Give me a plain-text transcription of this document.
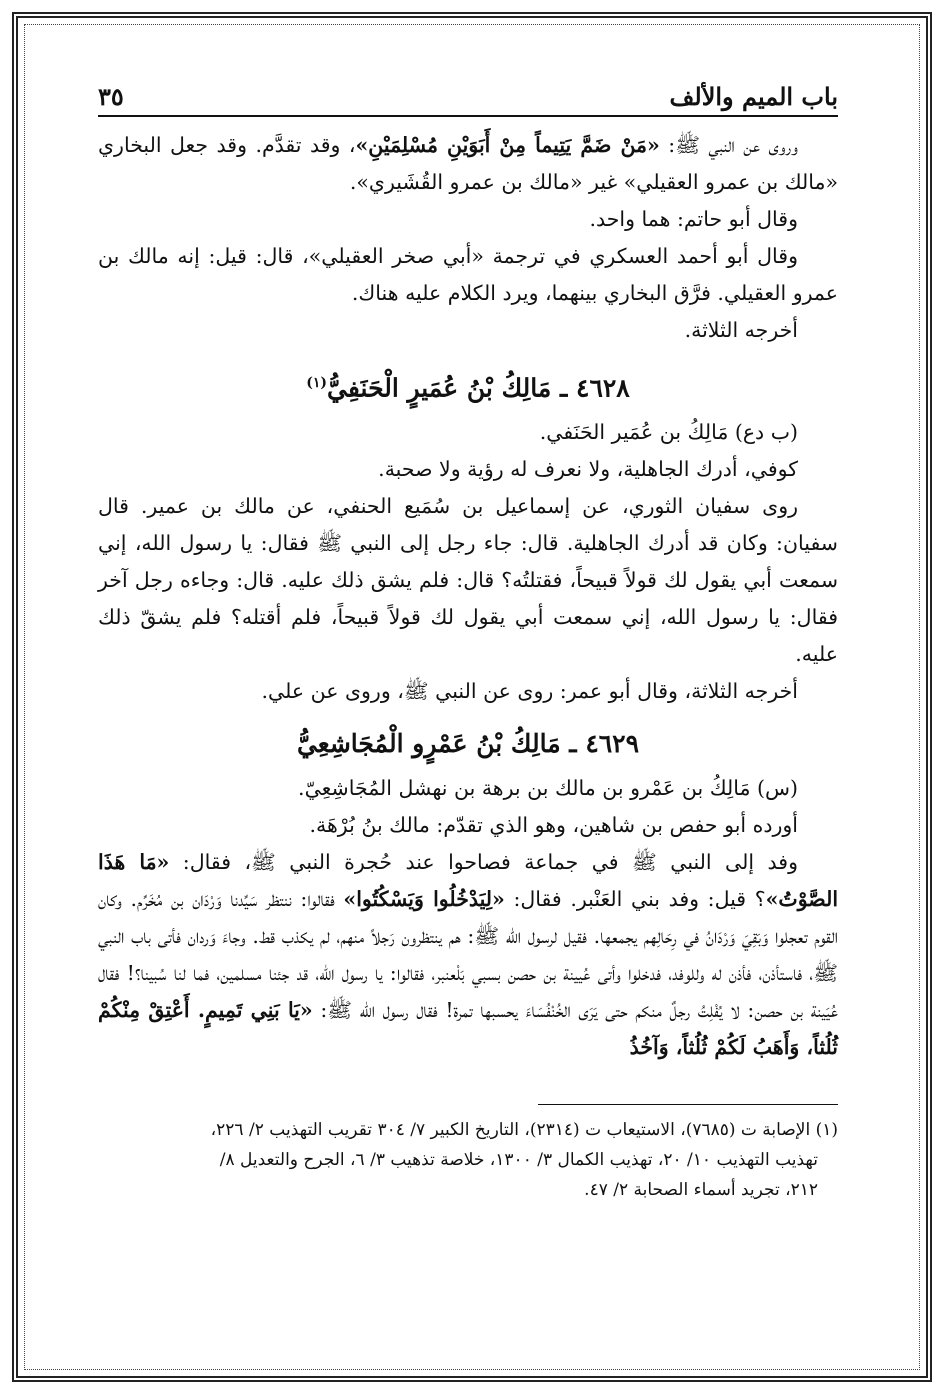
باب الميم والألف
٣٥

وروى عن النبي ﷺ: «مَنْ ضَمَّ يَتِيماً مِنْ أَبَوَيْنِ مُسْلِمَيْنِ»، وقد تقدَّم. وقد جعل البخاري «مالك بن عمرو العقيلي» غير «مالك بن عمرو القُشَيري».

وقال أبو حاتم: هما واحد.

وقال أبو أحمد العسكري في ترجمة «أبي صخر العقيلي»، قال: قيل: إنه مالك بن عمرو العقيلي. فرَّق البخاري بينهما، ويرد الكلام عليه هناك.

أخرجه الثلاثة.

٤٦٢٨ ـ مَالِكُ بْنُ عُمَيرٍ الْحَنَفِيُّ$^{(١)}$

(ب دع) مَالِكُ بن عُمَير الحَنَفي.

كوفي، أدرك الجاهلية، ولا نعرف له رؤية ولا صحبة.

روى سفيان الثوري، عن إسماعيل بن سُمَيع الحنفي، عن مالك بن عمير. قال سفيان: وكان قد أدرك الجاهلية. قال: جاء رجل إلى النبي ﷺ فقال: يا رسول الله، إني سمعت أبي يقول لك قولاً قبيحاً، فقتلتُه؟ قال: فلم يشق ذلك عليه. قال: وجاءه رجل آخر فقال: يا رسول الله، إني سمعت أبي يقول لك قولاً قبيحاً، فلم أقتله؟ فلم يشقّ ذلك عليه.

أخرجه الثلاثة، وقال أبو عمر: روى عن النبي ﷺ، وروى عن علي.

٤٦٢٩ ـ مَالِكُ بْنُ عَمْرٍو الْمُجَاشِعِيُّ

(س) مَالِكُ بن عَمْرو بن مالك بن برهة بن نهشل المُجَاشِعِيّ.

أورده أبو حفص بن شاهين، وهو الذي تقدّم: مالك بنُ بُرْهَة.

وفد إلى النبي ﷺ في جماعة فصاحوا عند حُجرة النبي ﷺ، فقال: «مَا هَذَا الصَّوْتُ»؟ قيل: وفد بني العَنْبر. فقال: «لِيَدْخُلُوا وَيَسْكُتُوا» فقالوا: ننتظر سَيِّدنا وَرْدَان بن مُخَرِّم. وكان القوم تعجلوا وَبَقِيَ وَرْدَانُ في رِحَالِهم يجمعها. فقيل لرسول الله ﷺ: هم ينتظرون رَجلاً منهم، لم يكذب قط. وجاءَ وَردان فأتى باب النبي ﷺ، فاستأذن، فأذن له وللوفد، فدخلوا وأتى عُيينة بن حصن بسبي بَلْعنبر، فقالوا: يا رسول الله، قد جئنا مسلمين، فما لنا سُبينا؟! فقال عُيَينة بن حصن: لا يُفْلِتُ رجلٌ منكم حتى يَرَى الخُنْفُسَاءَ يحسبها تمرة! فقال رسول الله ﷺ: «يَا بَنِي تَمِيمٍ. أَعْتِقْ مِنْكُمْ ثُلُثاً، وَأَهَبُ لَكُمْ ثُلُثاً، وَآخُذُ

(١) الإصابة ت (٧٦٨٥)، الاستيعاب ت (٢٣١٤)، التاريخ الكبير ٧/ ٣٠٤ تقريب التهذيب ٢/ ٢٢٦،

تهذيب التهذيب ١٠/ ٢٠، تهذيب الكمال ٣/ ١٣٠٠، خلاصة تذهيب ٣/ ٦، الجرح والتعديل ٨/

٢١٢، تجريد أسماء الصحابة ٢/ ٤٧.
